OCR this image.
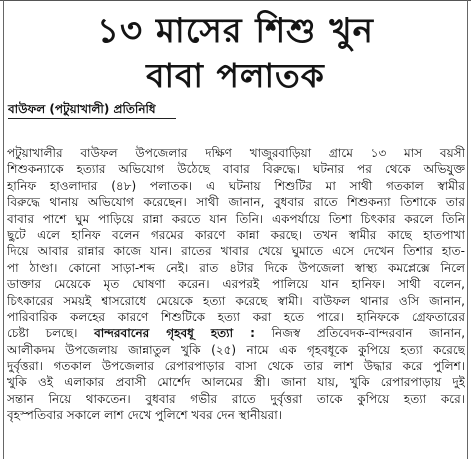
১৩ মাসের শিশু খুন
বাবা পলাতক
বাউফল (পটুয়াখালী) প্রতিনিধি
পটুয়াখালীর বাউফল উপজেলার দক্ষিণ খাজুরবাড়িয়া গ্রামে ১৩ মাস বয়সী
শিশুকন্যাকে হত্যার অভিযোগ উঠেছে বাবার বিরুদ্ধে। ঘটনার পর থেকে অভিযুক্ত
হানিফ হাওলাদার (৪৮) পলাতক। এ ঘটনায় শিশুটির মা সাথী গতকাল স্বামীর
বিরুদ্ধে থানায় অভিযোগ করেছেন। সাথী জানান, বুধবার রাতে শিশুকন্যা তিশাকে তার
বাবার পাশে ঘুম পাড়িয়ে রান্না করতে যান তিনি। একপর্যায়ে তিশা চিৎকার করলে তিনি
ছুটে এলে হানিফ বলেন গরমের কারণে কান্না করছে। তখন স্বামীর কাছে হাতপাখা
দিয়ে আবার রান্নার কাজে যান। রাতের খাবার খেয়ে ঘুমাতে এসে দেখেন তিশার হাত-
পা ঠাণ্ডা। কোনো সাড়া-শব্দ নেই। রাত ৪টার দিকে উপজেলা স্বাস্থ্য কমপ্লেক্সে নিলে
ডাক্তার মেয়েকে মৃত ঘোষণা করেন। এরপরই পালিয়ে যান হানিফ। সাথী বলেন,
চিৎকারের সময়ই শ্বাসরোধে মেয়েকে হত্যা করেছে স্বামী। বাউফল থানার ওসি জানান,
পারিবারিক কলহের কারণে শিশুটিকে হত্যা করা হতে পারে। হানিফকে গ্রেফতারের
চেষ্টা চলছে। বান্দরবানের গৃহবধূ হত্যা : নিজস্ব প্রতিবেদক-বান্দরবান জানান,
আলীকদম উপজেলায় জান্নাতুল খুকি (২৫) নামে এক গৃহবধূকে কুপিয়ে হত্যা করেছে
দুর্বৃত্তরা। গতকাল উপজেলার রেপারপাড়ার বাসা থেকে তার লাশ উদ্ধার করে পুলিশ।
খুকি ওই এলাকার প্রবাসী মোর্শেদ আলমের স্ত্রী। জানা যায়, খুকি রেপারপাড়ায় দুই
সন্তান নিয়ে থাকতেন। বুধবার গভীর রাতে দুর্বৃত্তরা তাকে কুপিয়ে হত্যা করে।
বৃহস্পতিবার সকালে লাশ দেখে পুলিশে খবর দেন স্থানীয়রা।
